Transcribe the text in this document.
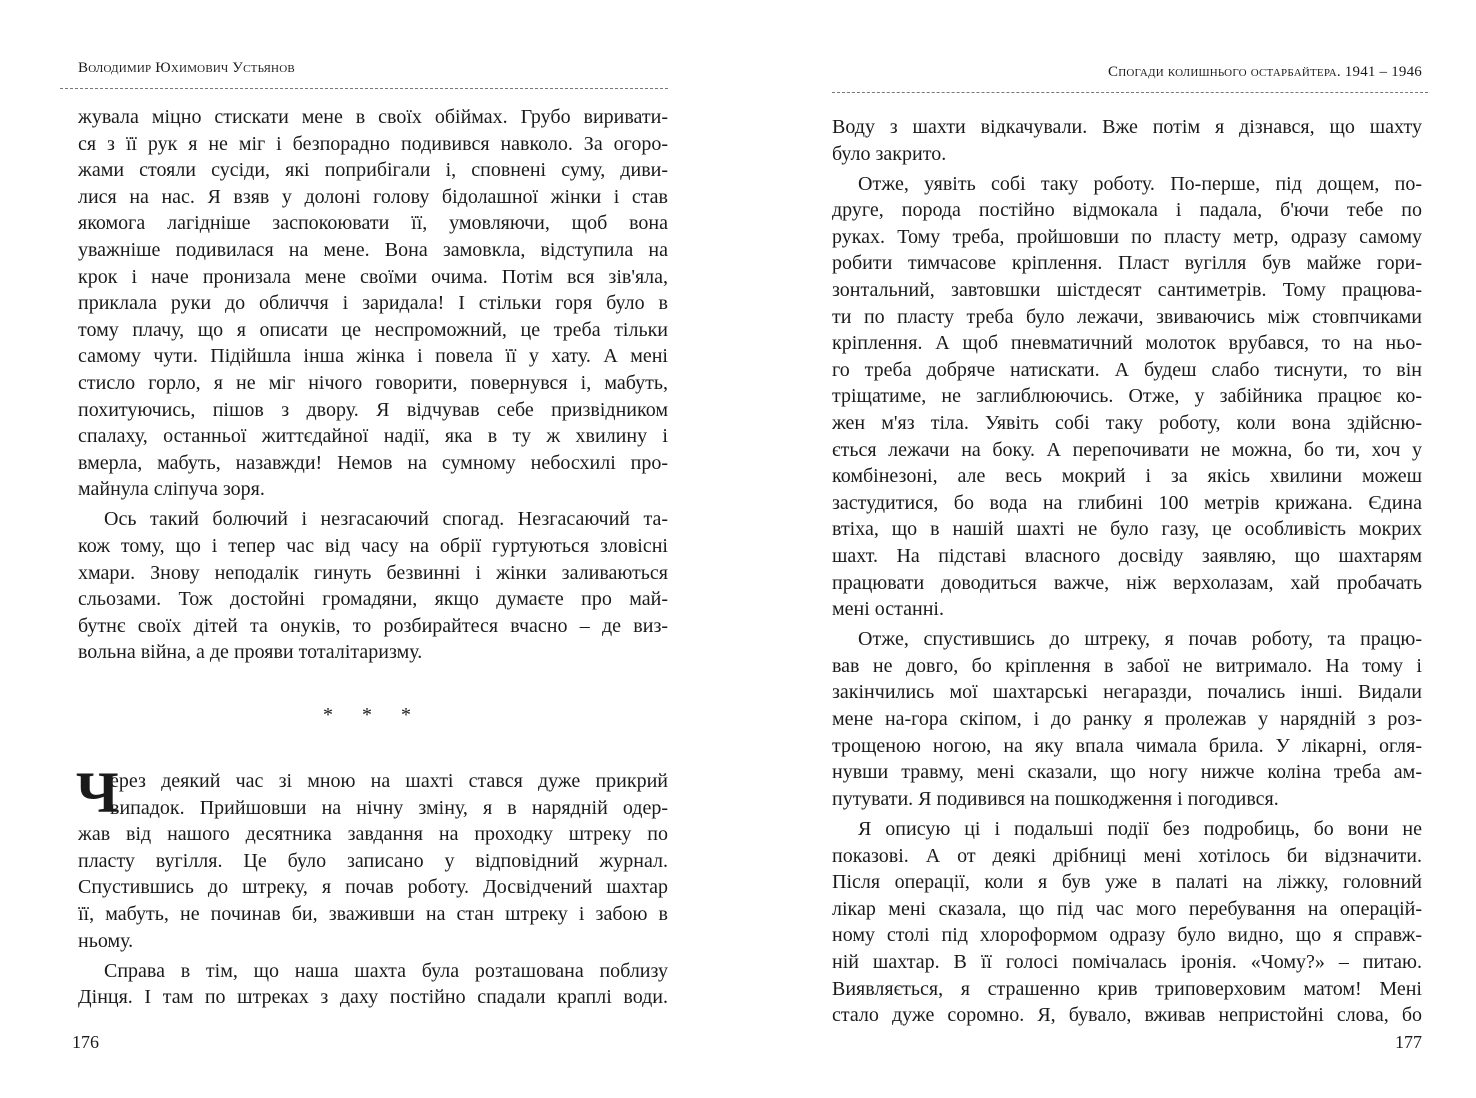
Володимир Юхимович Устьянов
жувала міцно стискати мене в своїх обіймах. Грубо виривати-
ся з її рук я не міг і безпорадно подивився навколо. За огоро-
жами стояли сусіди, які поприбігали і, сповнені суму, диви-
лися на нас. Я взяв у долоні голову бідолашної жінки і став
якомога лагідніше заспокоювати її, умовляючи, щоб вона
уважніше подивилася на мене. Вона замовкла, відступила на
крок і наче пронизала мене своїми очима. Потім вся зів'яла,
приклала руки до обличчя і заридала! І стільки горя було в
тому плачу, що я описати це неспроможний, це треба тільки
самому чути. Підійшла інша жінка і повела її у хату. А мені
стисло горло, я не міг нічого говорити, повернувся і, мабуть,
похитуючись, пішов з двору. Я відчував себе призвідником
спалаху, останньої життєдайної надії, яка в ту ж хвилину і
вмерла, мабуть, назавжди! Немов на сумному небосхилі про-
майнула сліпуча зоря.
Ось такий болючий і незгасаючий спогад. Незгасаючий та-
кож тому, що і тепер час від часу на обрії гуртуються зловісні
хмари. Знову неподалік гинуть безвинні і жінки заливаються
сльозами. Тож достойні громадяни, якщо думаєте про май-
бутнє своїх дітей та онуків, то розбирайтеся вчасно – де виз-
вольна війна, а де прояви тоталітаризму.
* * *
Ч
ерез деякий час зі мною на шахті стався дуже прикрий
випадок. Прийшовши на нічну зміну, я в нарядній одер-
жав від нашого десятника завдання на проходку штреку по
пласту вугілля. Це було записано у відповідний журнал.
Спустившись до штреку, я почав роботу. Досвідчений шахтар
її, мабуть, не починав би, зваживши на стан штреку і забою в
ньому.
Справа в тім, що наша шахта була розташована поблизу
Дінця. І там по штреках з даху постійно спадали краплі води.
176
Спогади колишнього остарбайтера. 1941 – 1946
Воду з шахти відкачували. Вже потім я дізнався, що шахту
було закрито.
Отже, уявіть собі таку роботу. По-перше, під дощем, по-
друге, порода постійно відмокала і падала, б'ючи тебе по
руках. Тому треба, пройшовши по пласту метр, одразу самому
робити тимчасове кріплення. Пласт вугілля був майже гори-
зонтальний, завтовшки шістдесят сантиметрів. Тому працюва-
ти по пласту треба було лежачи, звиваючись між стовпчиками
кріплення. А щоб пневматичний молоток врубався, то на ньо-
го треба добряче натискати. А будеш слабо тиснути, то він
тріщатиме, не заглиблюючись. Отже, у забійника працює ко-
жен м'яз тіла. Уявіть собі таку роботу, коли вона здійсню-
ється лежачи на боку. А перепочивати не можна, бо ти, хоч у
комбінезоні, але весь мокрий і за якісь хвилини можеш
застудитися, бо вода на глибині 100 метрів крижана. Єдина
втіха, що в нашій шахті не було газу, це особливість мокрих
шахт. На підставі власного досвіду заявляю, що шахтарям
працювати доводиться важче, ніж верхолазам, хай пробачать
мені останні.
Отже, спустившись до штреку, я почав роботу, та працю-
вав не довго, бо кріплення в забої не витримало. На тому і
закінчились мої шахтарські негаразди, почались інші. Видали
мене на-гора скіпом, і до ранку я пролежав у нарядній з роз-
трощеною ногою, на яку впала чимала брила. У лікарні, огля-
нувши травму, мені сказали, що ногу нижче коліна треба ам-
путувати. Я подивився на пошкодження і погодився.
Я описую ці і подальші події без подробиць, бо вони не
показові. А от деякі дрібниці мені хотілось би відзначити.
Після операції, коли я був уже в палаті на ліжку, головний
лікар мені сказала, що під час мого перебування на операцій-
ному столі під хлороформом одразу було видно, що я справж-
ній шахтар. В її голосі помічалась іронія. «Чому?» – питаю.
Виявляється, я страшенно крив триповерховим матом! Мені
стало дуже соромно. Я, бувало, вживав непристойні слова, бо
177
